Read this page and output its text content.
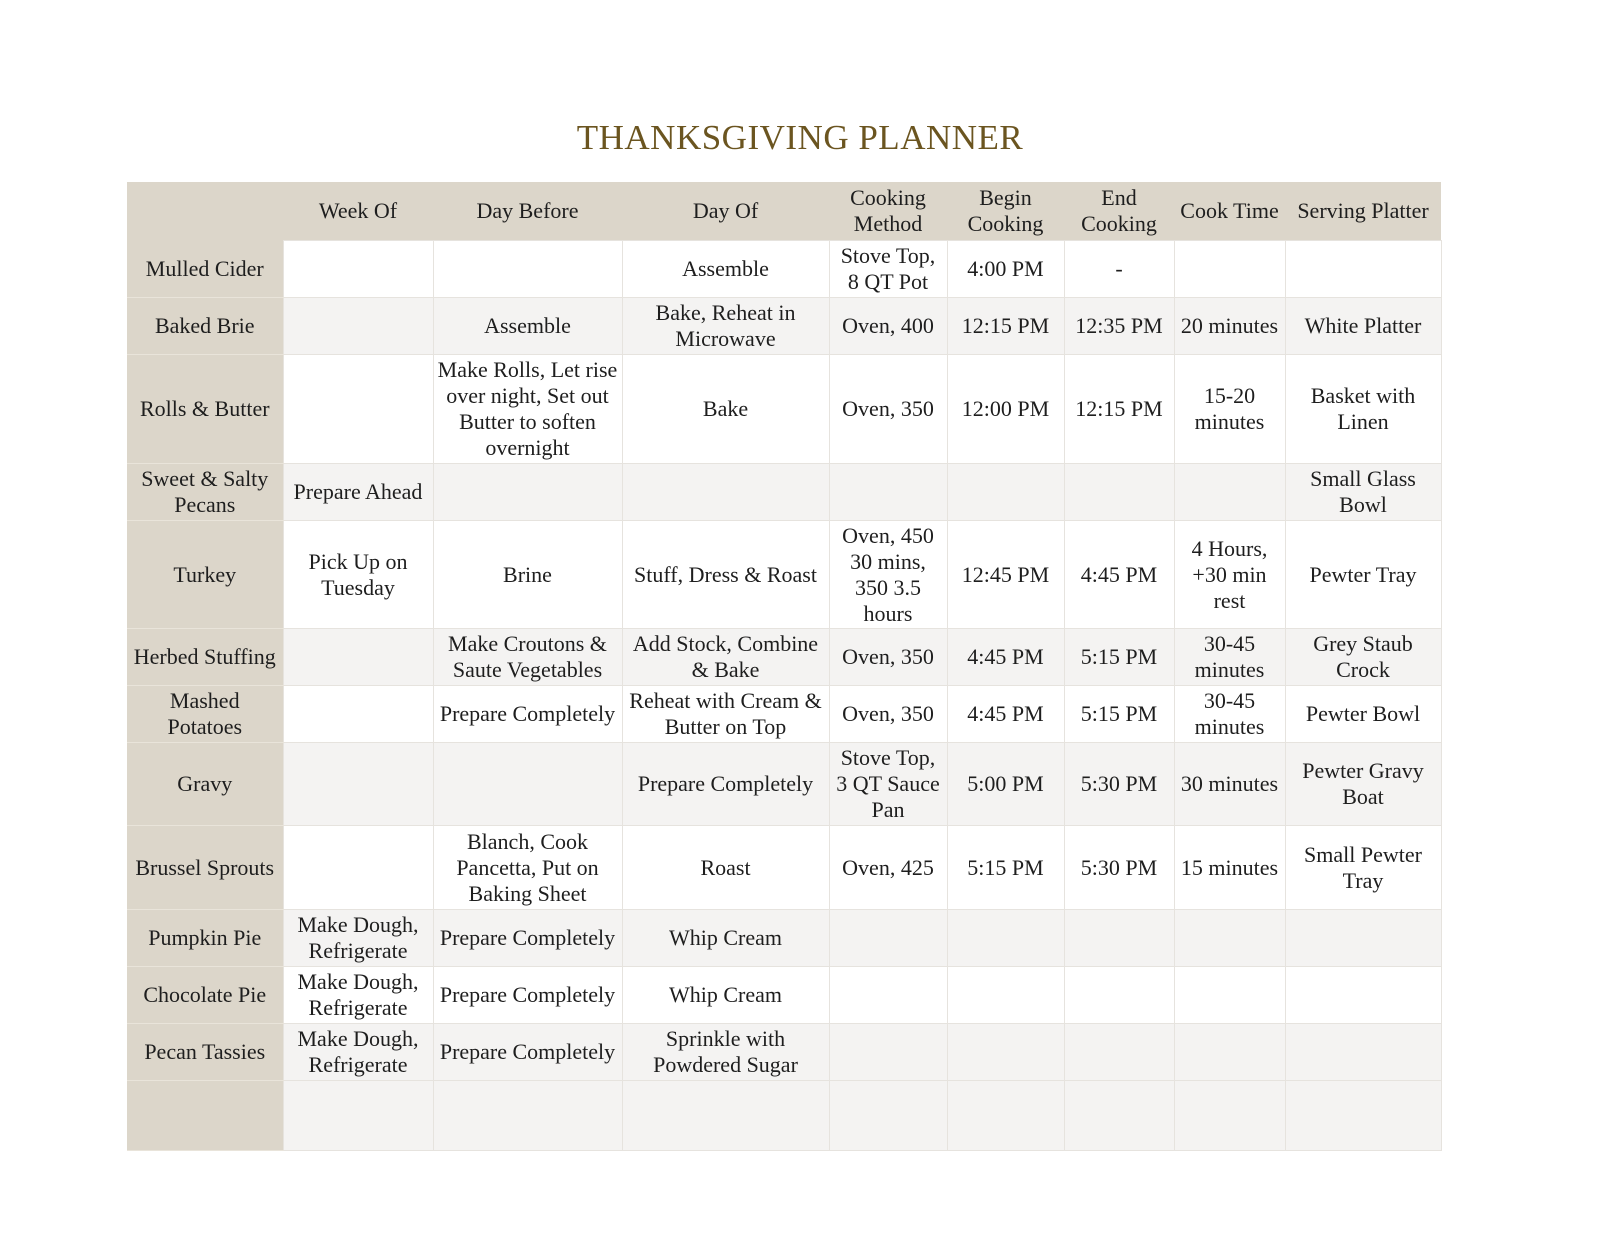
THANKSGIVING PLANNER
	Week Of	Day Before	Day Of	Cooking Method	Begin Cooking	End Cooking	Cook Time	Serving Platter
Mulled Cider			Assemble	Stove Top, 8 QT Pot	4:00 PM	-		
Baked Brie		Assemble	Bake, Reheat in Microwave	Oven, 400	12:15 PM	12:35 PM	20 minutes	White Platter
Rolls & Butter		Make Rolls, Let rise over night, Set out Butter to soften overnight	Bake	Oven, 350	12:00 PM	12:15 PM	15-20 minutes	Basket with Linen
Sweet & Salty Pecans	Prepare Ahead							Small Glass Bowl
Turkey	Pick Up on Tuesday	Brine	Stuff, Dress & Roast	Oven, 450 30 mins, 350 3.5 hours	12:45 PM	4:45 PM	4 Hours, +30 min rest	Pewter Tray
Herbed Stuffing		Make Croutons & Saute Vegetables	Add Stock, Combine & Bake	Oven, 350	4:45 PM	5:15 PM	30-45 minutes	Grey Staub Crock
Mashed Potatoes		Prepare Completely	Reheat with Cream & Butter on Top	Oven, 350	4:45 PM	5:15 PM	30-45 minutes	Pewter Bowl
Gravy			Prepare Completely	Stove Top, 3 QT Sauce Pan	5:00 PM	5:30 PM	30 minutes	Pewter Gravy Boat
Brussel Sprouts		Blanch, Cook Pancetta, Put on Baking Sheet	Roast	Oven, 425	5:15 PM	5:30 PM	15 minutes	Small Pewter Tray
Pumpkin Pie	Make Dough, Refrigerate	Prepare Completely	Whip Cream					
Chocolate Pie	Make Dough, Refrigerate	Prepare Completely	Whip Cream					
Pecan Tassies	Make Dough, Refrigerate	Prepare Completely	Sprinkle with Powdered Sugar					
